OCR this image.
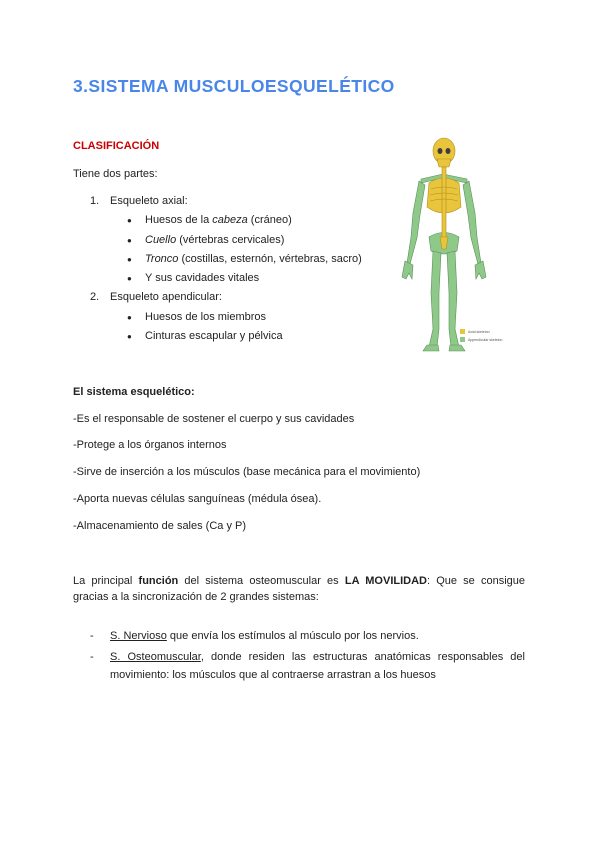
3.SISTEMA MUSCULOESQUELÉTICO
CLASIFICACIÓN
Tiene dos partes:
1. Esqueleto axial:
● Huesos de la cabeza (cráneo)
● Cuello (vértebras cervicales)
● Tronco (costillas, esternón, vértebras, sacro)
● Y sus cavidades vitales
2. Esqueleto apendicular:
● Huesos de los miembros
● Cinturas escapular y pélvica	Axial skeleton
Appendicular skeleton
El sistema esquelético:
-Es el responsable de sostener el cuerpo y sus cavidades
-Protege a los órganos internos
-Sirve de inserción a los músculos (base mecánica para el movimiento)
-Aporta nuevas células sanguíneas (médula ósea).
-Almacenamiento de sales (Ca y P)
La principal función del sistema osteomuscular es LA MOVILIDAD: Que se consigue gracias a la sincronización de 2 grandes sistemas:
- S. Nervioso que envía los estímulos al músculo por los nervios.
- S. Osteomuscular, donde residen las estructuras anatómicas responsables del movimiento: los músculos que al contraerse arrastran a los huesos
